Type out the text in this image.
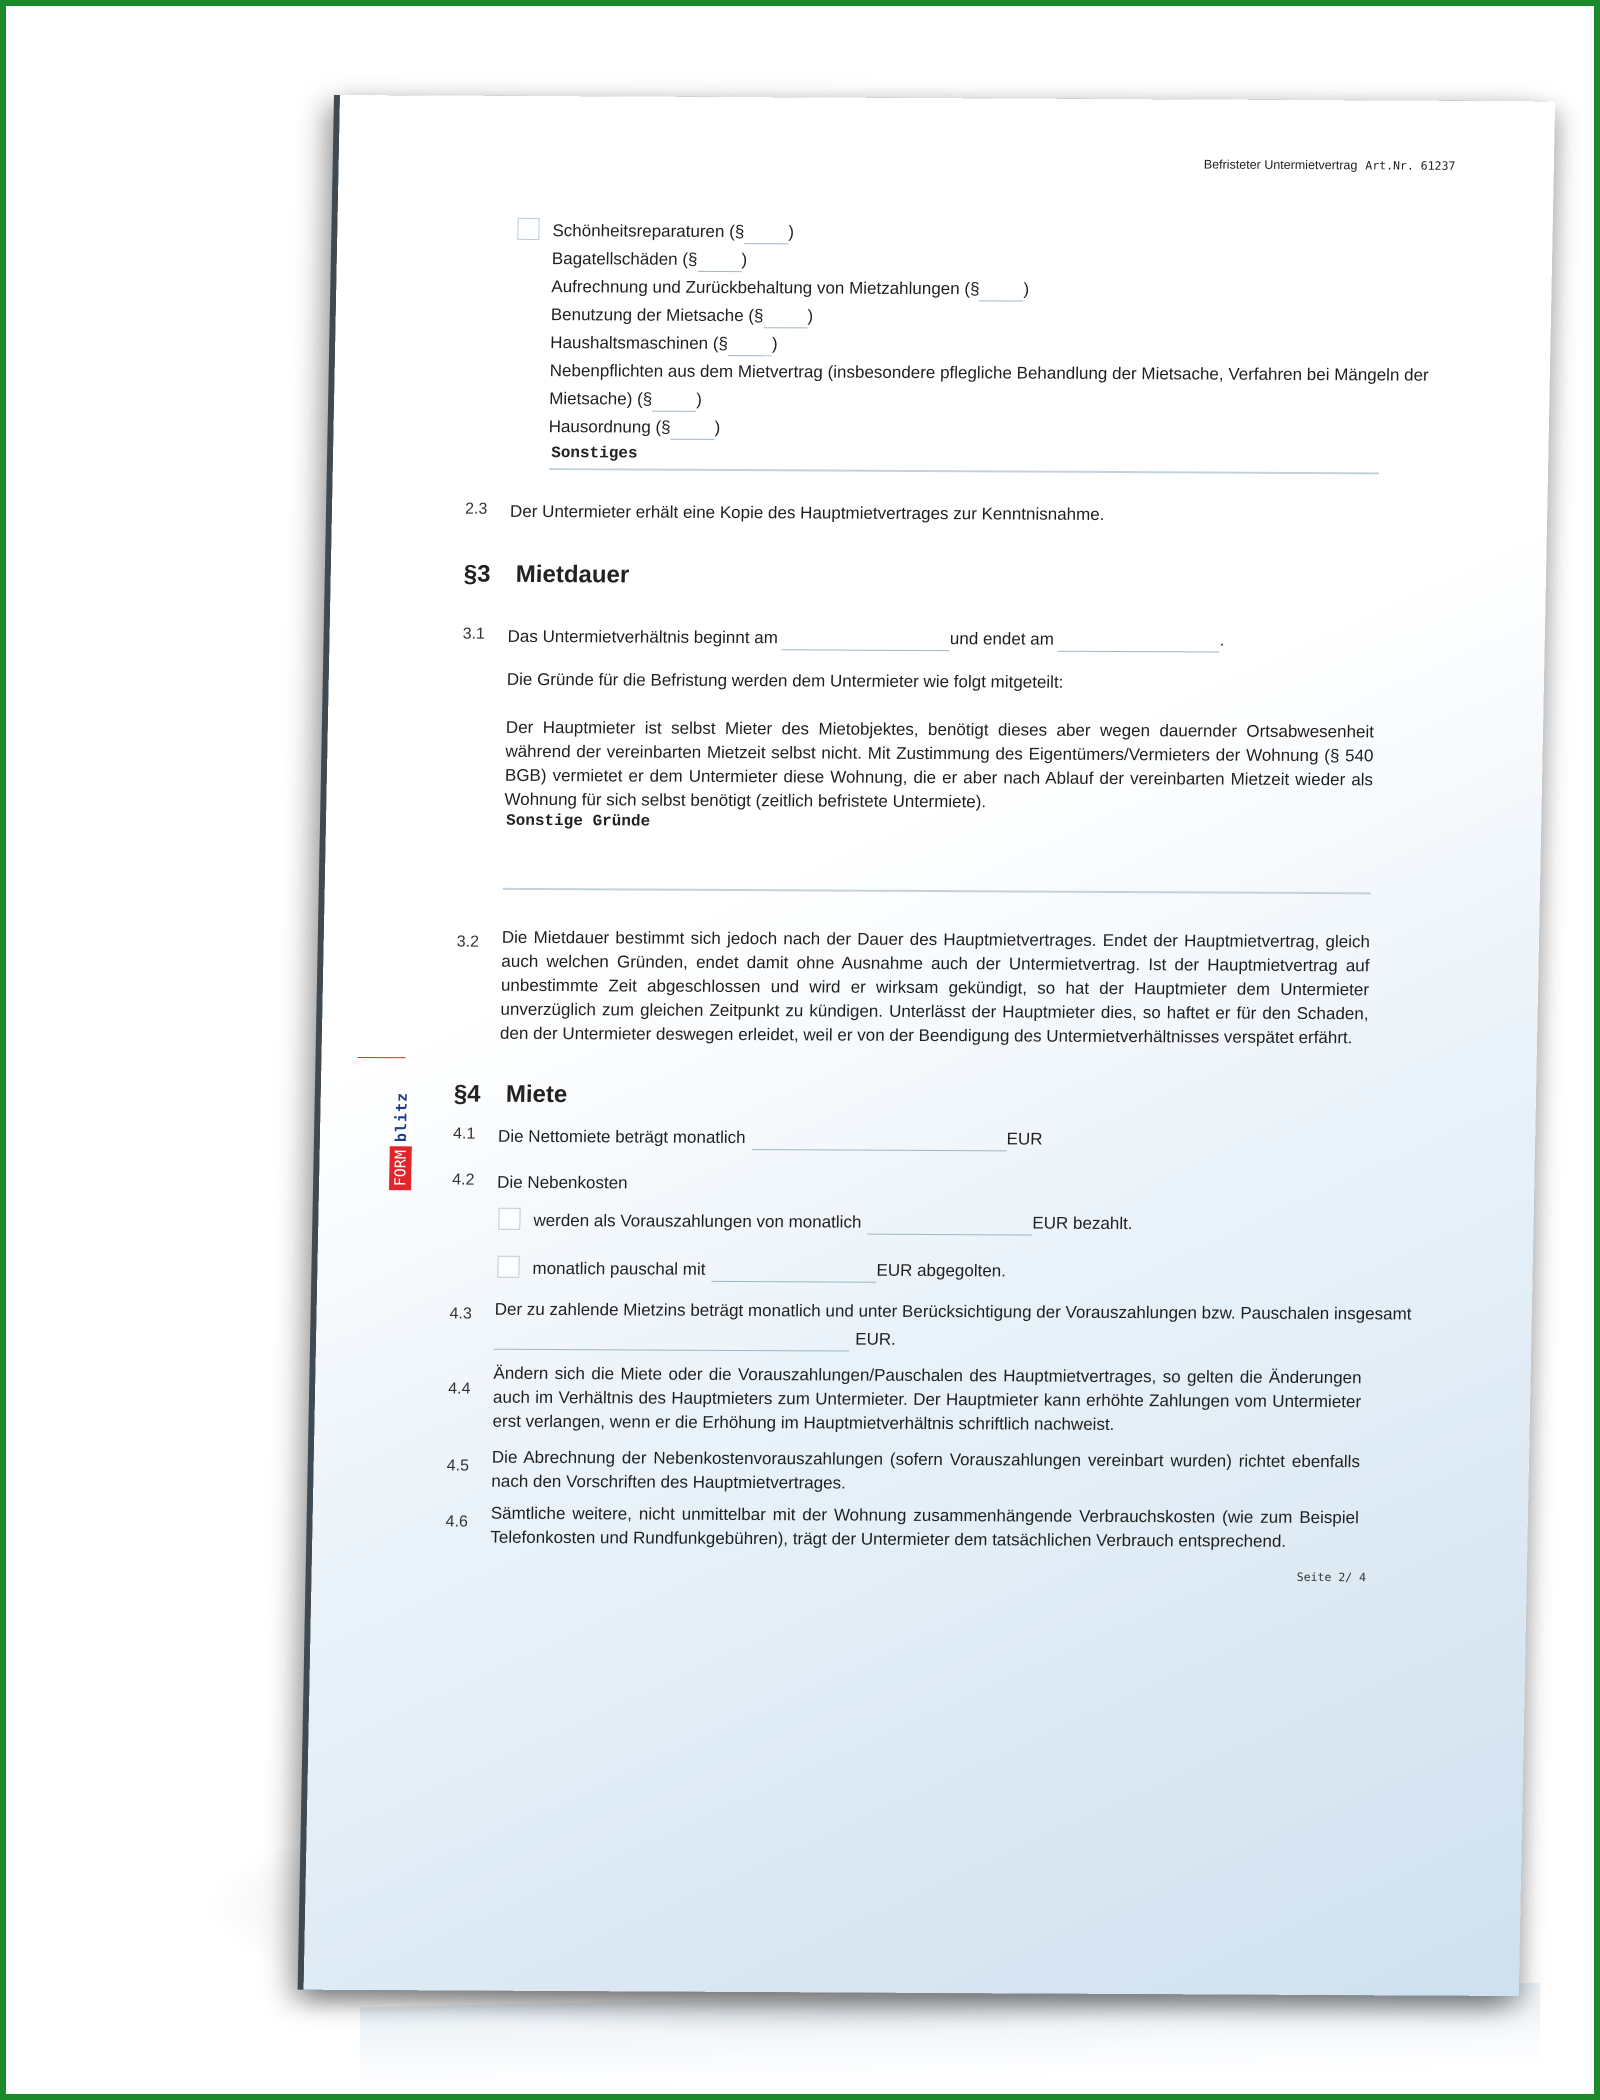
Befristeter Untermietvertrag Art.Nr. 61237
Schönheitsreparaturen (§	)
Bagatellschäden (§	)
Aufrechnung und Zurückbehaltung von Mietzahlungen (§	)
Benutzung der Mietsache (§	)
Haushaltsmaschinen (§	)
Nebenpflichten aus dem Mietvertrag (insbesondere pflegliche Behandlung der Mietsache, Verfahren bei Mängeln der
Mietsache) (§	)
Hausordnung (§	)
Sonstiges
2.3 Der Untermieter erhält eine Kopie des Hauptmietvertrages zur Kenntnisnahme.
§3 Mietdauer
3.1 Das Untermietverhältnis beginnt am	und endet am	.
Die Gründe für die Befristung werden dem Untermieter wie folgt mitgeteilt:
Der Hauptmieter ist selbst Mieter des Mietobjektes, benötigt dieses aber wegen dauernder Ortsabwesenheit während der vereinbarten Mietzeit selbst nicht. Mit Zustimmung des Eigentümers/Vermieters der Wohnung (§ 540 BGB) vermietet er dem Untermieter diese Wohnung, die er aber nach Ablauf der vereinbarten Mietzeit wieder als Wohnung für sich selbst benötigt (zeitlich befristete Untermiete).
Sonstige Gründe
3.2 Die Mietdauer bestimmt sich jedoch nach der Dauer des Hauptmietvertrages. Endet der Hauptmietvertrag, gleich auch welchen Gründen, endet damit ohne Ausnahme auch der Untermietvertrag. Ist der Hauptmietvertrag auf unbestimmte Zeit abgeschlossen und wird er wirksam gekündigt, so hat der Hauptmieter dem Untermieter unverzüglich zum gleichen Zeitpunkt zu kündigen. Unterlässt der Hauptmieter dies, so haftet er für den Schaden, den der Untermieter deswegen erleidet, weil er von der Beendigung des Untermietverhältnisses verspätet erfährt.
§4 Miete
4.1 Die Nettomiete beträgt monatlich	EUR
4.2 Die Nebenkosten
werden als Vorauszahlungen von monatlich	EUR bezahlt.
monatlich pauschal mit	EUR abgegolten.
4.3 Der zu zahlende Mietzins beträgt monatlich und unter Berücksichtigung der Vorauszahlungen bzw. Pauschalen insgesamt
EUR.
4.4
Ändern sich die Miete oder die Vorauszahlungen/Pauschalen des Hauptmietvertrages, so gelten die Änderungen auch im Verhältnis des Hauptmieters zum Untermieter. Der Hauptmieter kann erhöhte Zahlungen vom Untermieter erst verlangen, wenn er die Erhöhung im Hauptmietverhältnis schriftlich nachweist.
4.5 Die Abrechnung der Nebenkostenvorauszahlungen (sofern Vorauszahlungen vereinbart wurden) richtet ebenfalls nach den Vorschriften des Hauptmietvertrages.
4.6 Sämtliche weitere, nicht unmittelbar mit der Wohnung zusammenhängende Verbrauchskosten (wie zum Beispiel Telefonkosten und Rundfunkgebühren), trägt der Untermieter dem tatsächlichen Verbrauch entsprechend.
Seite 2/ 4
FORM
blitz
